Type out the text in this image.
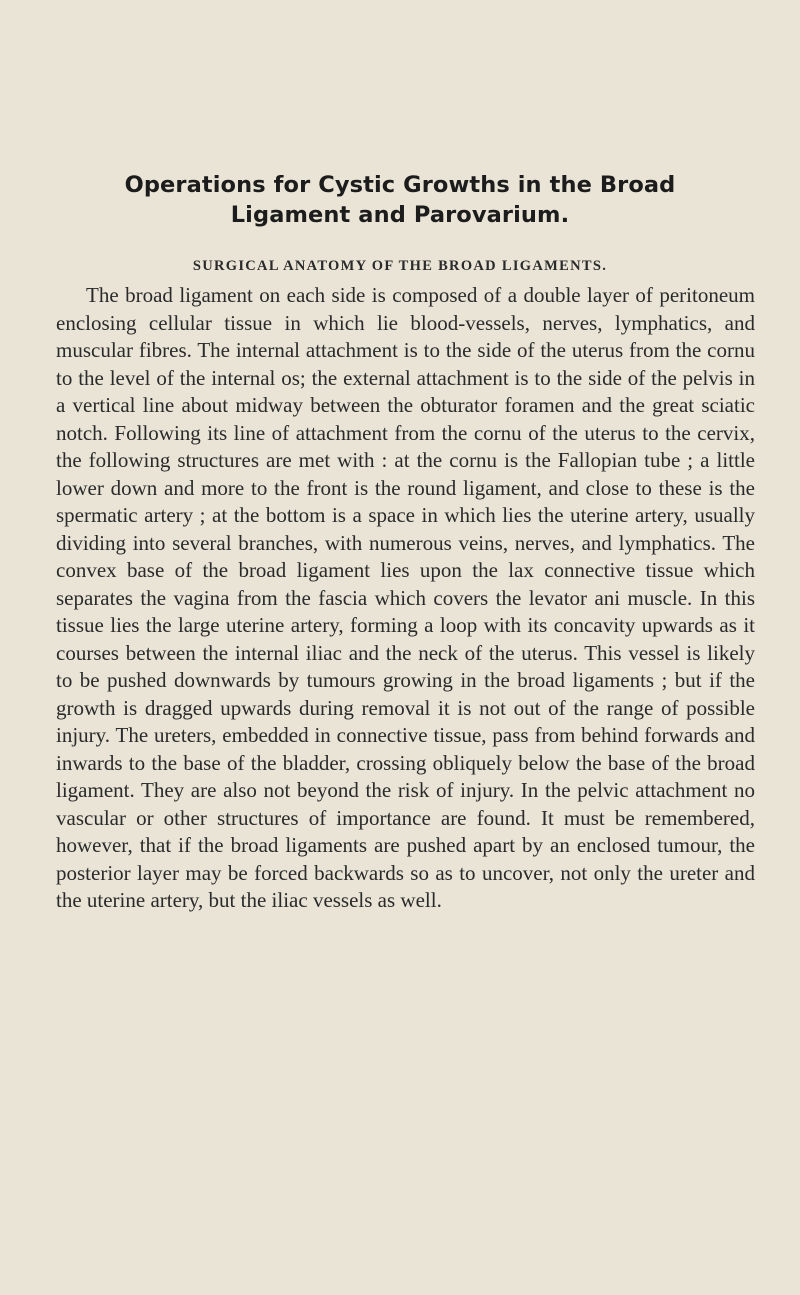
Operations for Cystic Growths in the Broad
Ligament and Parovarium.
SURGICAL ANATOMY OF THE BROAD LIGAMENTS.

The broad ligament on each side is composed of a double layer of peritoneum enclosing cellular tissue in which lie blood-vessels, nerves, lymphatics, and muscular fibres. The internal attachment is to the side of the uterus from the cornu to the level of the internal os; the external attachment is to the side of the pelvis in a vertical line about midway between the obturator foramen and the great sciatic notch. Following its line of attachment from the cornu of the uterus to the cervix, the following structures are met with : at the cornu is the Fallopian tube ; a little lower down and more to the front is the round ligament, and close to these is the spermatic artery ; at the bottom is a space in which lies the uterine artery, usually dividing into several branches, with numerous veins, nerves, and lymphatics. The convex base of the broad ligament lies upon the lax connective tissue which separates the vagina from the fascia which covers the levator ani muscle. In this tissue lies the large uterine artery, forming a loop with its concavity upwards as it courses between the internal iliac and the neck of the uterus. This vessel is likely to be pushed downwards by tumours growing in the broad ligaments ; but if the growth is dragged upwards during removal it is not out of the range of possible injury. The ureters, embedded in connective tissue, pass from behind forwards and inwards to the base of the bladder, crossing obliquely below the base of the broad ligament. They are also not beyond the risk of injury. In the pelvic attachment no vascular or other structures of importance are found. It must be remembered, however, that if the broad ligaments are pushed apart by an enclosed tumour, the posterior layer may be forced backwards so as to uncover, not only the ureter and the uterine artery, but the iliac vessels as well.
